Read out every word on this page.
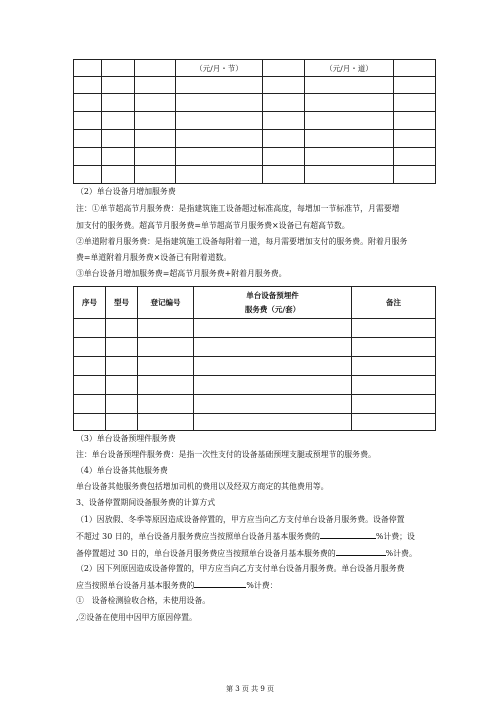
			（元/月・节）		（元/月・道）	

（2）单台设备月增加服务费
注：①单节超高节月服务费：是指建筑施工设备超过标准高度，每增加一节标准节，月需要增
加支付的服务费。超高节月服务费=单节超高节月服务费×设备已有超高节数。
②单道附着月服务费：是指建筑施工设备每附着一道，每月需要增加支付的服务费。附着月服务
费=单道附着月服务费×设备已有附着道数。
③单台设备月增加服务费=超高节月服务费+附着月服务费。
序号	型号	登记编号	单台设备预埋件
服务费（元/套）	备注

（3）单台设备预埋件服务费
注：单台设备预埋件服务费：是指一次性支付的设备基础预埋支腿或预埋节的服务费。
（4）单台设备其他服务费
单台设备其他服务费包括增加司机的费用以及经双方商定的其他费用等。
3、设备停置期间设备服务费的计算方式
（1）因放假、冬季等原因造成设备停置的，甲方应当向乙方支付单台设备月服务费。设备停置
不超过 30 日的，单台设备月服务费应当按照单台设备月基本服务费的	%计费；设
备停置超过 30 日的，单台设备月服务费应当按照单台设备月基本服务费的	%计费。
（2）因下列原因造成设备停置的，甲方应当向乙方支付单台设备月服务费。单台设备月服务费
应当按照单台设备月基本服务费的	%计费：
①　设备检测验收合格，未使用设备。
,②设备在使用中因甲方原因停置。
第 3 页 共 9 页
